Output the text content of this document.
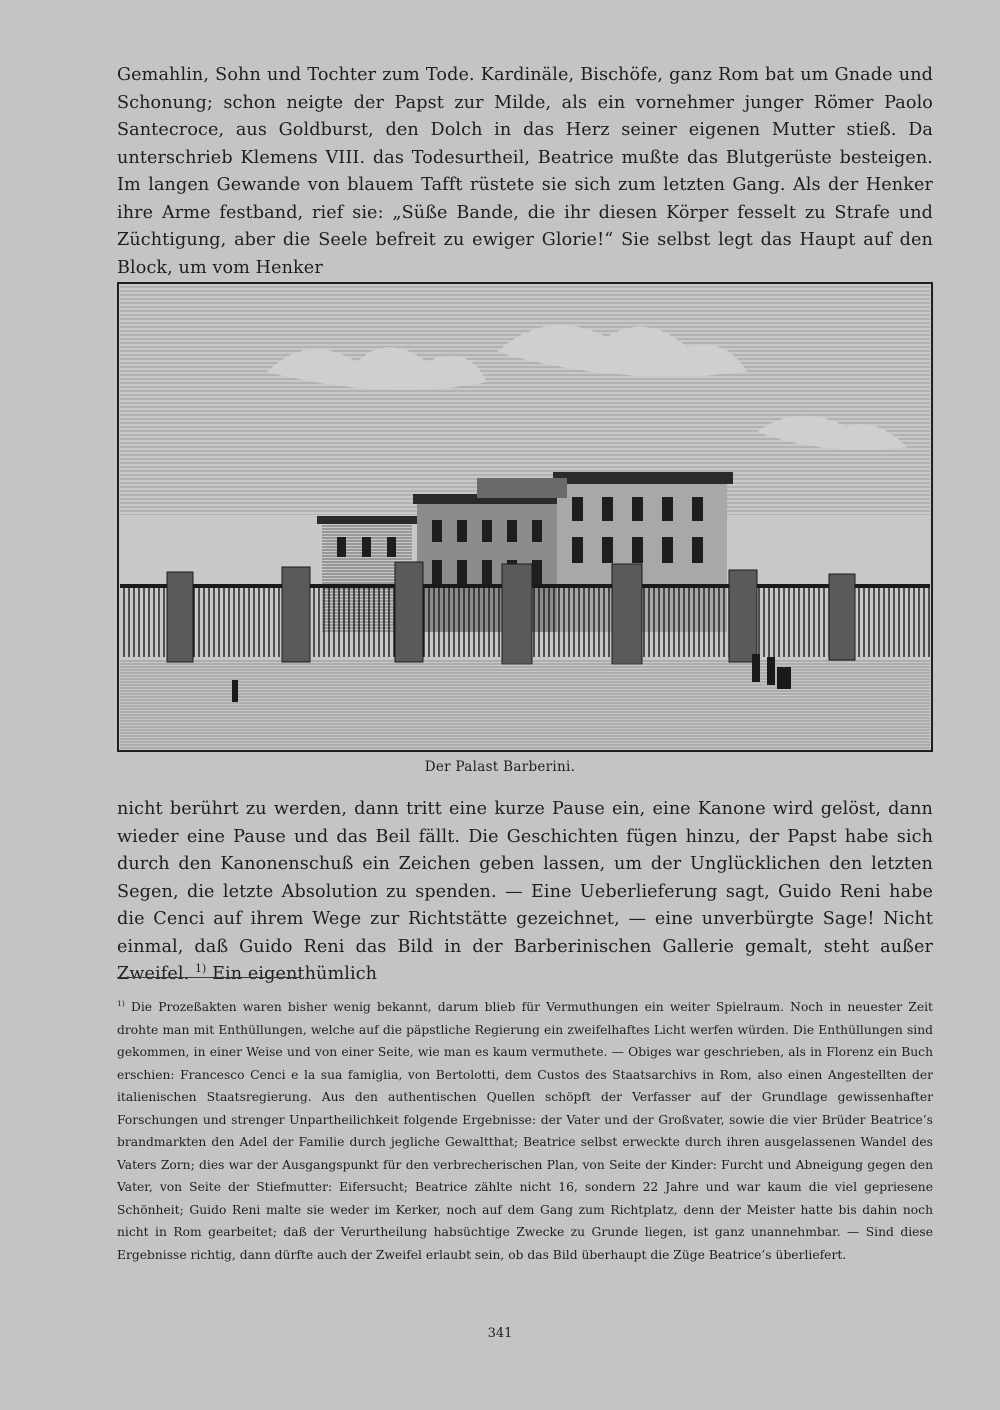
Gemahlin, Sohn und Tochter zum Tode. Kardinäle, Bischöfe, ganz Rom bat um Gnade und Schonung; schon neigte der Papst zur Milde, als ein vornehmer junger Römer Paolo Santecroce, aus Goldburst, den Dolch in das Herz seiner eigenen Mutter stieß. Da unterschrieb Klemens VIII. das Todesurtheil, Beatrice mußte das Blutgerüste besteigen. Im langen Gewande von blauem Tafft rüstete sie sich zum letzten Gang. Als der Henker ihre Arme festband, rief sie: „Süße Bande, die ihr diesen Körper fesselt zu Strafe und Züchtigung, aber die Seele befreit zu ewiger Glorie!“ Sie selbst legt das Haupt auf den Block, um vom Henker

Der Palast Barberini.

nicht berührt zu werden, dann tritt eine kurze Pause ein, eine Kanone wird gelöst, dann wieder eine Pause und das Beil fällt. Die Geschichten fügen hinzu, der Papst habe sich durch den Kanonenschuß ein Zeichen geben lassen, um der Unglücklichen den letzten Segen, die letzte Absolution zu spenden. — Eine Ueberlieferung sagt, Guido Reni habe die Cenci auf ihrem Wege zur Richtstätte gezeichnet, — eine unverbürgte Sage! Nicht einmal, daß Guido Reni das Bild in der Barberinischen Gallerie gemalt, steht außer Zweifel. $^{1)}$ Ein eigenthümlich

$^{1)}$ Die Prozeßakten waren bisher wenig bekannt, darum blieb für Vermuthungen ein weiter Spielraum. Noch in neuester Zeit drohte man mit Enthüllungen, welche auf die päpstliche Regierung ein zweifelhaftes Licht werfen würden. Die Enthüllungen sind gekommen, in einer Weise und von einer Seite, wie man es kaum vermuthete. — Obiges war geschrieben, als in Florenz ein Buch erschien: Francesco Cenci e la sua famiglia, von Bertolotti, dem Custos des Staatsarchivs in Rom, also einen Angestellten der italienischen Staatsregierung. Aus den authentischen Quellen schöpft der Verfasser auf der Grundlage gewissenhafter Forschungen und strenger Unpartheilichkeit folgende Ergebnisse: der Vater und der Großvater, sowie die vier Brüder Beatrice’s brandmarkten den Adel der Familie durch jegliche Gewaltthat; Beatrice selbst erweckte durch ihren ausgelassenen Wandel des Vaters Zorn; dies war der Ausgangspunkt für den verbrecherischen Plan, von Seite der Kinder: Furcht und Abneigung gegen den Vater, von Seite der Stiefmutter: Eifersucht; Beatrice zählte nicht 16, sondern 22 Jahre und war kaum die viel gepriesene Schönheit; Guido Reni malte sie weder im Kerker, noch auf dem Gang zum Richtplatz, denn der Meister hatte bis dahin noch nicht in Rom gearbeitet; daß der Verurtheilung habsüchtige Zwecke zu Grunde liegen, ist ganz unannehmbar. — Sind diese Ergebnisse richtig, dann dürfte auch der Zweifel erlaubt sein, ob das Bild überhaupt die Züge Beatrice’s überliefert.

341
